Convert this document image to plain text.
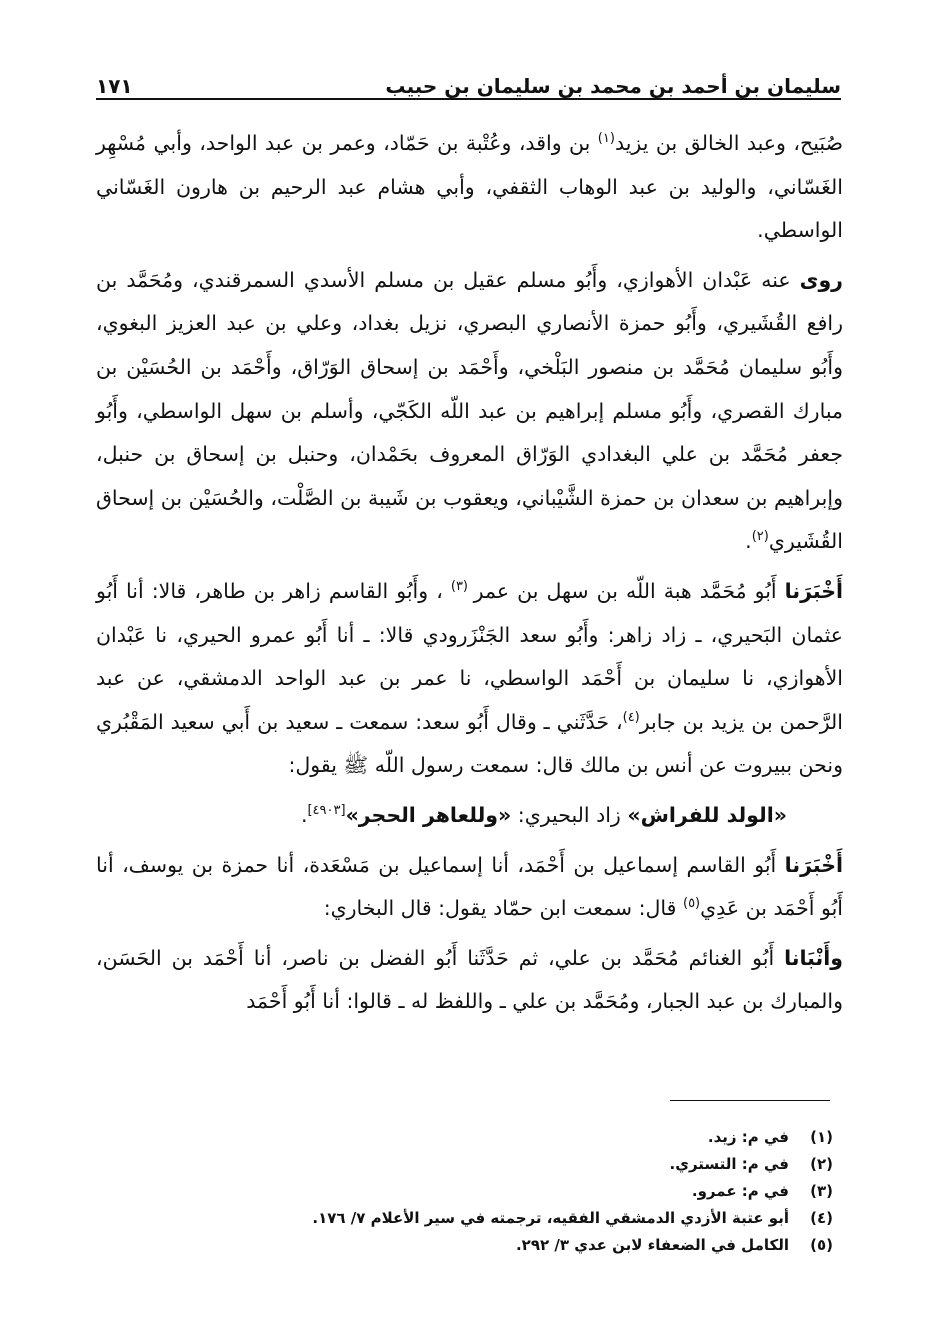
سليمان بن أحمد بن محمد بن سليمان بن حبيب
١٧١

صُبَيح، وعبد الخالق بن يزيد$^{(١)}$ بن واقد، وعُتْبة بن حَمّاد، وعمر بن عبد الواحد، وأبي مُسْهِر الغَسّاني، والوليد بن عبد الوهاب الثقفي، وأبي هشام عبد الرحيم بن هارون الغَسّاني الواسطي.

روى عنه عَبْدان الأهوازي، وأَبُو مسلم عقيل بن مسلم الأسدي السمرقندي، ومُحَمَّد بن رافع القُشَيري، وأَبُو حمزة الأنصاري البصري، نزيل بغداد، وعلي بن عبد العزيز البغوي، وأَبُو سليمان مُحَمَّد بن منصور البَلْخي، وأَحْمَد بن إسحاق الوَرّاق، وأَحْمَد بن الحُسَيْن بن مبارك القصري، وأَبُو مسلم إبراهيم بن عبد اللّه الكَجّي، وأسلم بن سهل الواسطي، وأَبُو جعفر مُحَمَّد بن علي البغدادي الوَرّاق المعروف بحَمْدان، وحنبل بن إسحاق بن حنبل، وإبراهيم بن سعدان بن حمزة الشَّيْباني، ويعقوب بن شَيبة بن الصَّلْت، والحُسَيْن بن إسحاق القُشَيري$^{(٢)}$.

أَخْبَرَنا أَبُو مُحَمَّد هبة اللّه بن سهل بن عمر $^{(٣)}$ ، وأَبُو القاسم زاهر بن طاهر، قالا: أنا أَبُو عثمان البَحيري، ـ زاد زاهر: وأَبُو سعد الجَنْزَرودي قالا: ـ أنا أَبُو عمرو الحيري، نا عَبْدان الأهوازي، نا سليمان بن أَحْمَد الواسطي، نا عمر بن عبد الواحد الدمشقي، عن عبد الرَّحمن بن يزيد بن جابر$^{(٤)}$، حَدَّثَني ـ وقال أَبُو سعد: سمعت ـ سعيد بن أَبي سعيد المَقْبُري ونحن ببيروت عن أنس بن مالك قال: سمعت رسول اللّه ﷺ يقول:

«الولد للفراش» زاد البحيري: «وللعاهر الحجر»[٤٩٠٣].

أَخْبَرَنا أَبُو القاسم إسماعيل بن أَحْمَد، أنا إسماعيل بن مَسْعَدة، أنا حمزة بن يوسف، أنا أَبُو أَحْمَد بن عَدِي$^{(٥)}$ قال: سمعت ابن حمّاد يقول: قال البخاري:

وأَنْبَانا أَبُو الغنائم مُحَمَّد بن علي، ثم حَدَّثَنا أَبُو الفضل بن ناصر، أنا أَحْمَد بن الحَسَن، والمبارك بن عبد الجبار، ومُحَمَّد بن علي ـ واللفظ له ـ قالوا: أنا أَبُو أَحْمَد

(١)
في م: زيد.
(٢)
في م: التستري.
(٣)
في م: عمرو.
(٤)
أبو عتبة الأزدي الدمشقي الفقيه، ترجمته في سير الأعلام ٧/ ١٧٦.
(٥)
الكامل في الضعفاء لابن عدي ٣/ ٢٩٢.
